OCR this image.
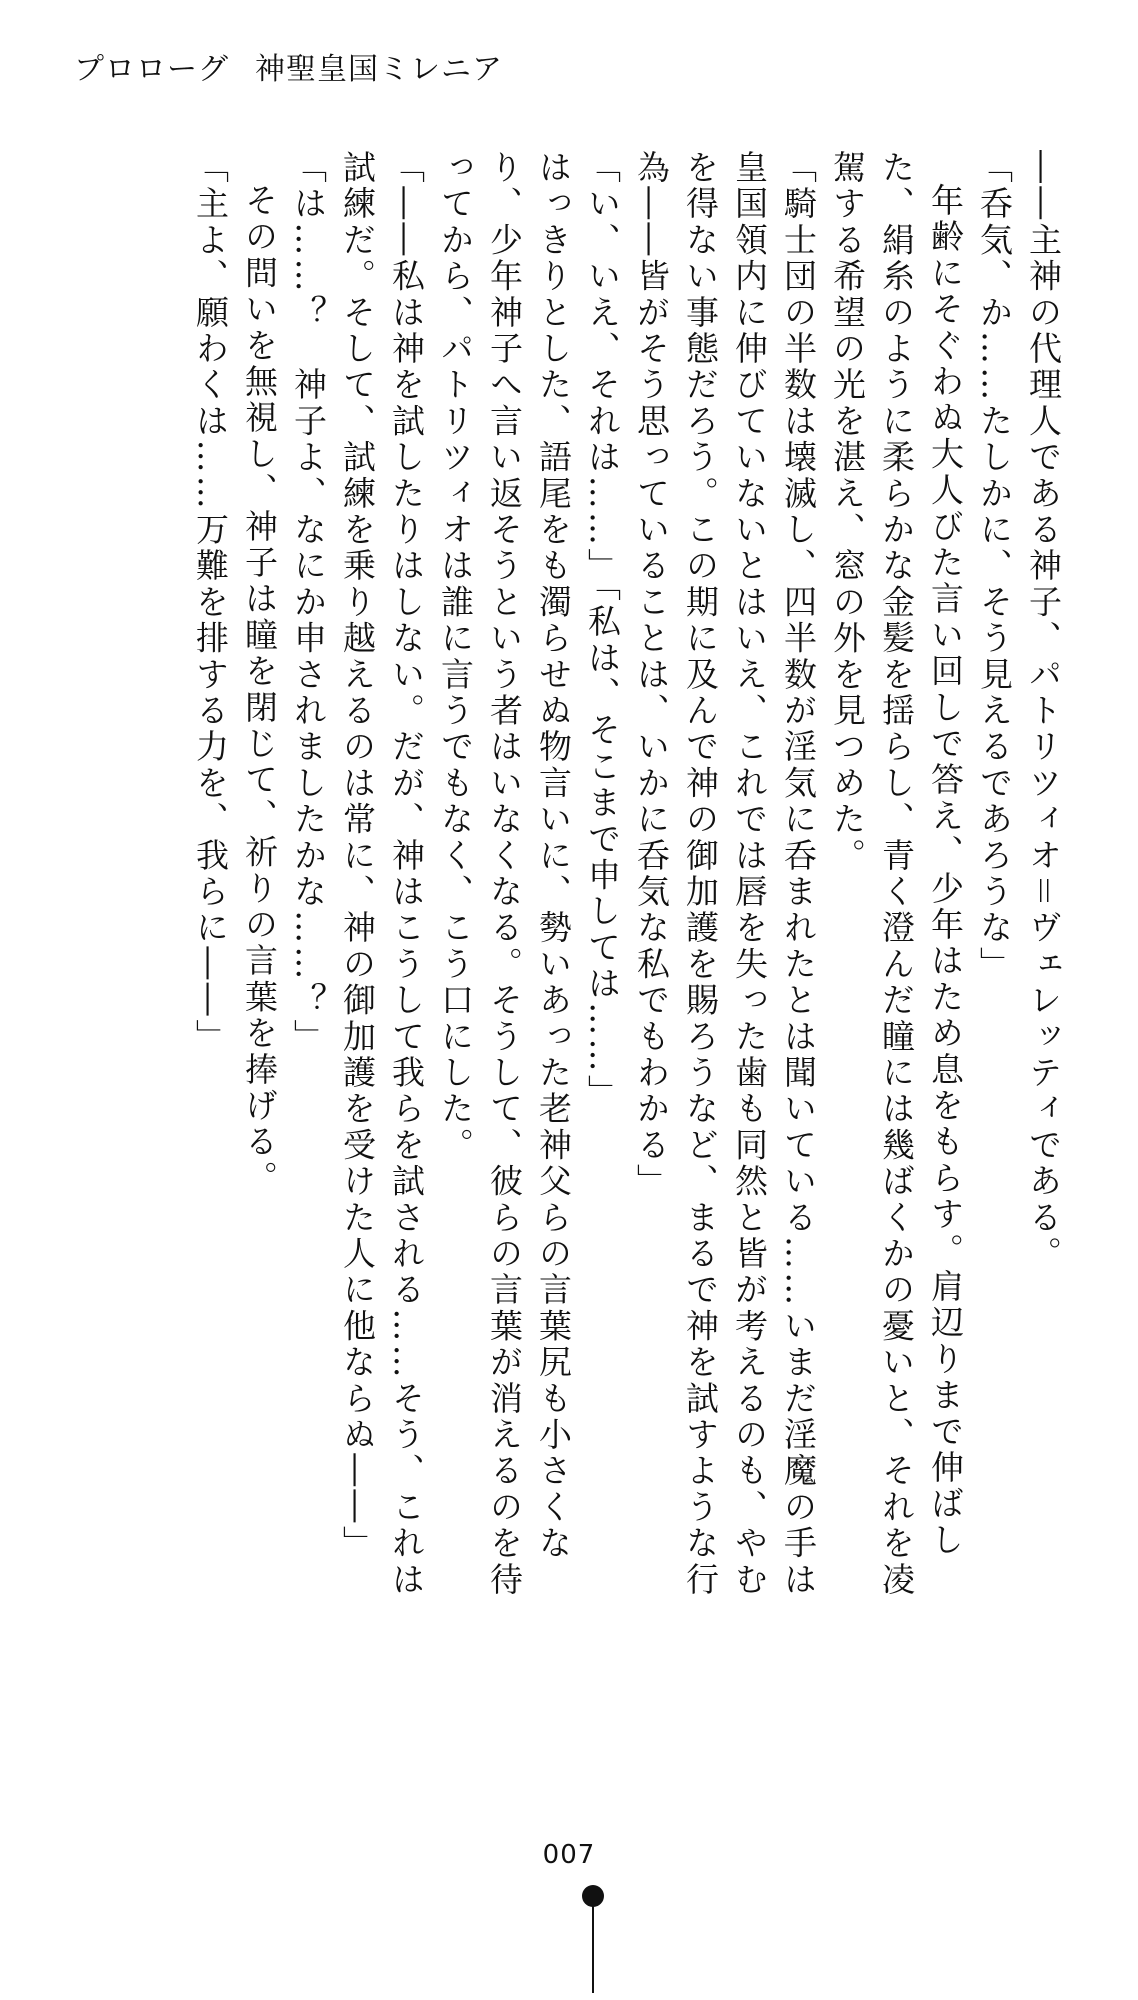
プロローグ 神聖皇国ミレニア

――主神の代理人である神子、パトリツィオ＝ヴェレッティである。

「呑気、か……たしかに、そう見えるであろうな」

年齢にそぐわぬ大人びた言い回しで答え、少年はため息をもらす。肩辺りまで伸ばした、絹糸のように柔らかな金髪を揺らし、青く澄んだ瞳には幾ばくかの憂いと、それを凌駕する希望の光を湛え、窓の外を見つめた。

「騎士団の半数は壊滅し、四半数が淫気に呑まれたとは聞いている……いまだ淫魔の手は皇国領内に伸びていないとはいえ、これでは唇を失った歯も同然と皆が考えるのも、やむを得ない事態だろう。この期に及んで神の御加護を賜ろうなど、まるで神を試すような行為――皆がそう思っていることは、いかに呑気な私でもわかる」

「い、いえ、それは……」「私は、そこまで申しては……」

はっきりとした、語尾をも濁らせぬ物言いに、勢いあった老神父らの言葉尻も小さくなり、少年神子へ言い返そうという者はいなくなる。そうして、彼らの言葉が消えるのを待ってから、パトリツィオは誰に言うでもなく、こう口にした。

「――私は神を試したりはしない。だが、神はこうして我らを試される……そう、これは試練だ。そして、試練を乗り越えるのは常に、神の御加護を受けた人に他ならぬ――」

「は……？　神子よ、なにか申されましたかな……？」

その問いを無視し、神子は瞳を閉じて、祈りの言葉を捧げる。

「主よ、願わくは……万難を排する力を、我らに――」

007
